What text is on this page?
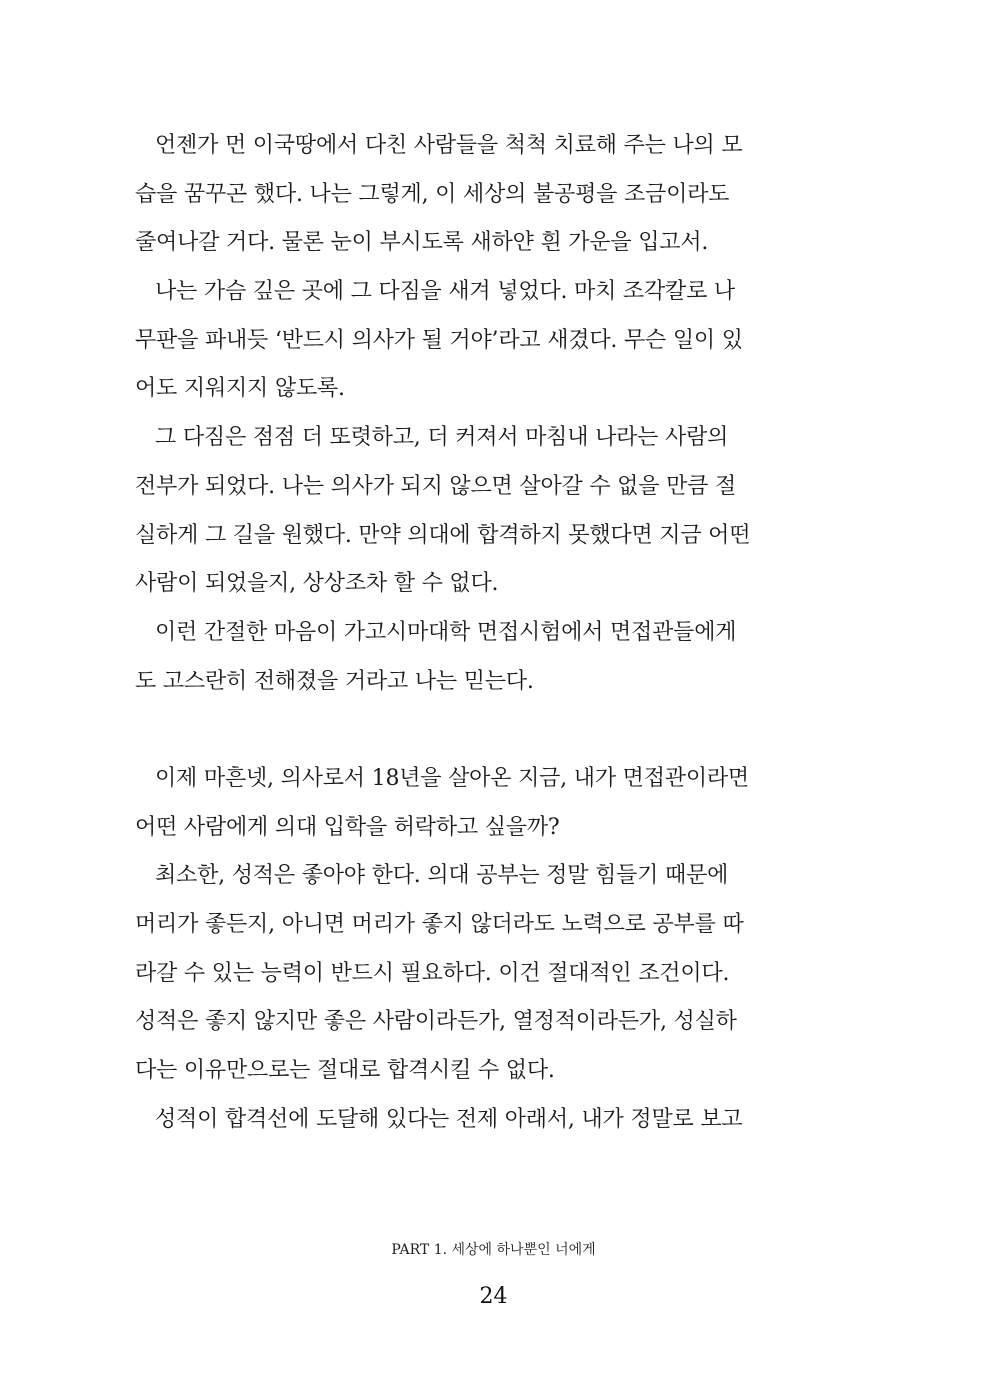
언젠가 먼 이국땅에서 다친 사람들을 척척 치료해 주는 나의 모
습을 꿈꾸곤 했다. 나는 그렇게, 이 세상의 불공평을 조금이라도
줄여나갈 거다. 물론 눈이 부시도록 새하얀 흰 가운을 입고서.
나는 가슴 깊은 곳에 그 다짐을 새겨 넣었다. 마치 조각칼로 나
무판을 파내듯 ‘반드시 의사가 될 거야’라고 새겼다. 무슨 일이 있
어도 지워지지 않도록.
그 다짐은 점점 더 또렷하고, 더 커져서 마침내 나라는 사람의
전부가 되었다. 나는 의사가 되지 않으면 살아갈 수 없을 만큼 절
실하게 그 길을 원했다. 만약 의대에 합격하지 못했다면 지금 어떤
사람이 되었을지, 상상조차 할 수 없다.
이런 간절한 마음이 가고시마대학 면접시험에서 면접관들에게
도 고스란히 전해졌을 거라고 나는 믿는다.
이제 마흔넷, 의사로서 18년을 살아온 지금, 내가 면접관이라면
어떤 사람에게 의대 입학을 허락하고 싶을까?
최소한, 성적은 좋아야 한다. 의대 공부는 정말 힘들기 때문에
머리가 좋든지, 아니면 머리가 좋지 않더라도 노력으로 공부를 따
라갈 수 있는 능력이 반드시 필요하다. 이건 절대적인 조건이다.
성적은 좋지 않지만 좋은 사람이라든가, 열정적이라든가, 성실하
다는 이유만으로는 절대로 합격시킬 수 없다.
성적이 합격선에 도달해 있다는 전제 아래서, 내가 정말로 보고
PART 1. 세상에 하나뿐인 너에게
24
